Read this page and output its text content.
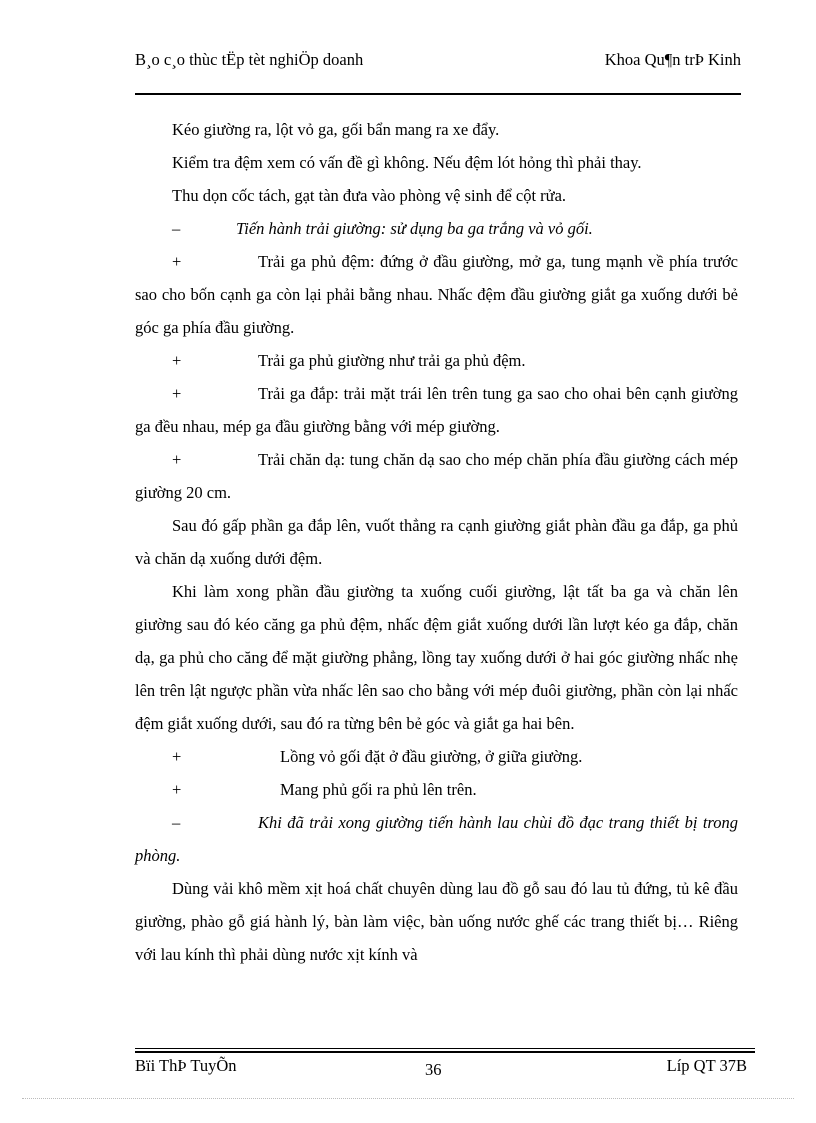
B¸o c¸o thùc tËp tèt nghiÖp doanh	Khoa Qu¶n trÞ Kinh

Kéo giường ra, lột vỏ ga, gối bẩn mang ra xe đẩy.

Kiểm tra đệm xem có vấn đề gì không. Nếu đệm lót hỏng thì phải thay.

Thu dọn cốc tách, gạt tàn đưa vào phòng vệ sinh để cột rửa.

–	Tiến hành trải giường: sử dụng ba ga trắng và vỏ gối.

+	Trải ga phủ đệm: đứng ở đầu giường, mở ga, tung mạnh về phía trước sao cho bốn cạnh ga còn lại phải bằng nhau. Nhấc đệm đầu giường giắt ga xuống dưới bẻ góc ga phía đầu giường.

+	Trải ga phủ giường như trải ga phủ đệm.

+	Trải ga đắp: trải mặt trái lên trên tung ga sao cho ohai bên cạnh giường ga đều nhau, mép ga đầu giường bằng với mép giường.

+	Trải chăn dạ: tung chăn dạ sao cho mép chăn phía đầu giường cách mép giường 20 cm.

Sau đó gấp phần ga đắp lên, vuốt thẳng ra cạnh giường giắt phàn đầu ga đắp, ga phủ và chăn dạ xuống dưới đệm.

Khi làm xong phần đầu giường ta xuống cuối giường, lật tất ba ga và chăn lên giường sau đó kéo căng ga phủ đệm, nhấc đệm giắt xuống dưới lần lượt kéo ga đắp, chăn dạ, ga phủ cho căng để mặt giường phẳng, lồng tay xuống dưới ở hai góc giường nhấc nhẹ lên trên lật ngược phần vừa nhấc lên sao cho bằng với mép đuôi giường, phần còn lại nhấc đệm giắt xuống dưới, sau đó ra từng bên bẻ góc và giắt ga hai bên.

+	Lồng vỏ gối đặt ở đầu giường, ở giữa giường.

+	Mang phủ gối ra phủ lên trên.

–	Khi đã trải xong giường tiến hành lau chùi đồ đạc trang thiết bị trong phòng.

Dùng vải khô mềm xịt hoá chất chuyên dùng lau đồ gỗ sau đó lau tủ đứng, tủ kê đầu giường, phào gỗ giá hành lý, bàn làm việc, bàn uống nước ghế các trang thiết bị… Riêng với lau kính thì phải dùng nước xịt kính và

Bïi ThÞ TuyÕn	36	Líp QT 37B
